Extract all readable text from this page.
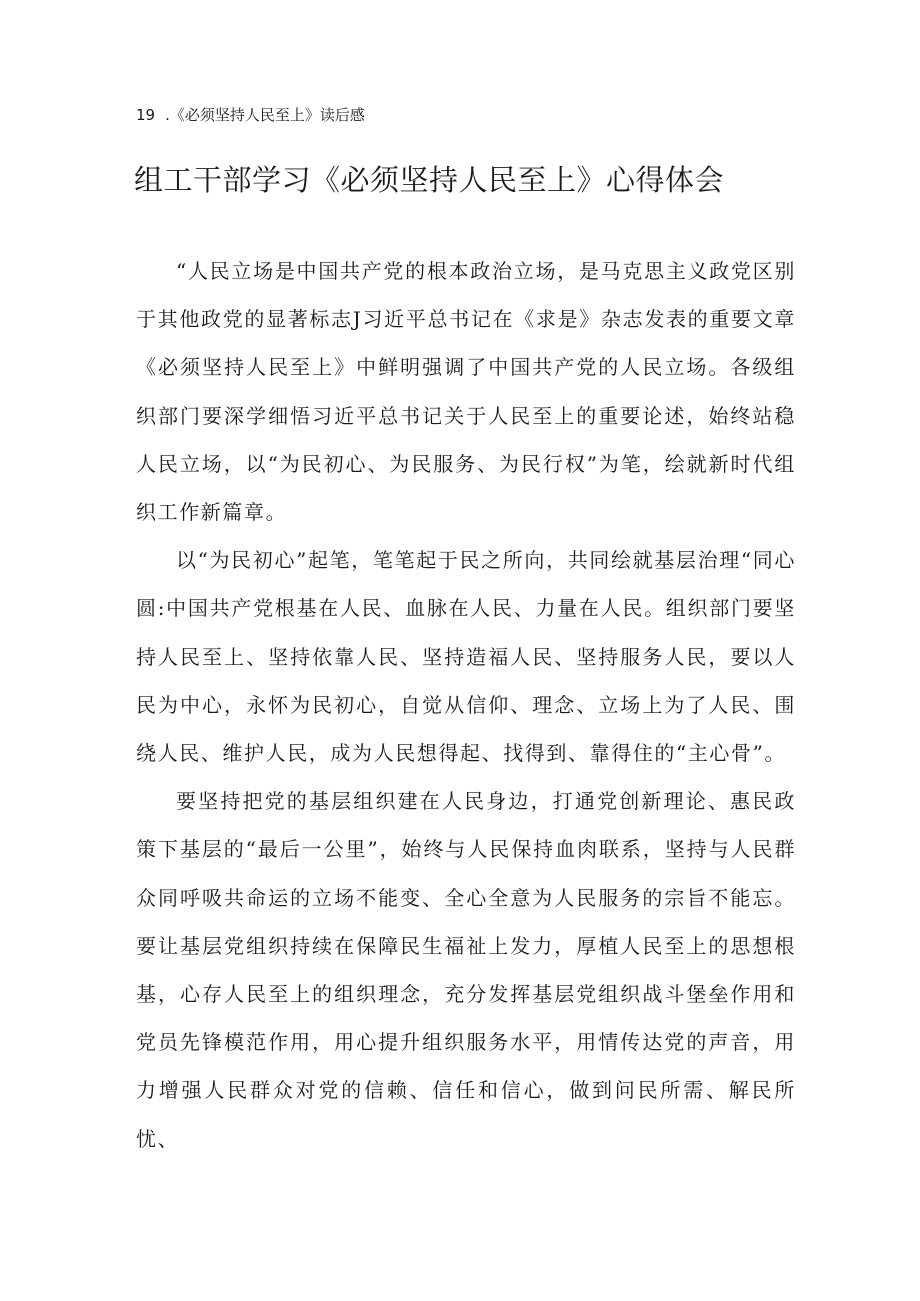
19 .《必须坚持人民至上》读后感
组工干部学习《必须坚持人民至上》心得体会

“人民立场是中国共产党的根本政治立场，是马克思主义政党区别于其他政党的显著标志J习近平总书记在《求是》杂志发表的重要文章《必须坚持人民至上》中鲜明强调了中国共产党的人民立场。各级组织部门要深学细悟习近平总书记关于人民至上的重要论述，始终站稳人民立场，以“为民初心、为民服务、为民行权”为笔，绘就新时代组织工作新篇章。

以“为民初心”起笔，笔笔起于民之所向，共同绘就基层治理“同心圆:中国共产党根基在人民、血脉在人民、力量在人民。组织部门要坚持人民至上、坚持依靠人民、坚持造福人民、坚持服务人民，要以人民为中心，永怀为民初心，自觉从信仰、理念、立场上为了人民、围绕人民、维护人民，成为人民想得起、找得到、靠得住的“主心骨”。

要坚持把党的基层组织建在人民身边，打通党创新理论、惠民政策下基层的“最后一公里”，始终与人民保持血肉联系，坚持与人民群众同呼吸共命运的立场不能变、全心全意为人民服务的宗旨不能忘。要让基层党组织持续在保障民生福祉上发力，厚植人民至上的思想根基，心存人民至上的组织理念，充分发挥基层党组织战斗堡垒作用和党员先锋模范作用，用心提升组织服务水平，用情传达党的声音，用力增强人民群众对党的信赖、信任和信心，做到问民所需、解民所忧、
